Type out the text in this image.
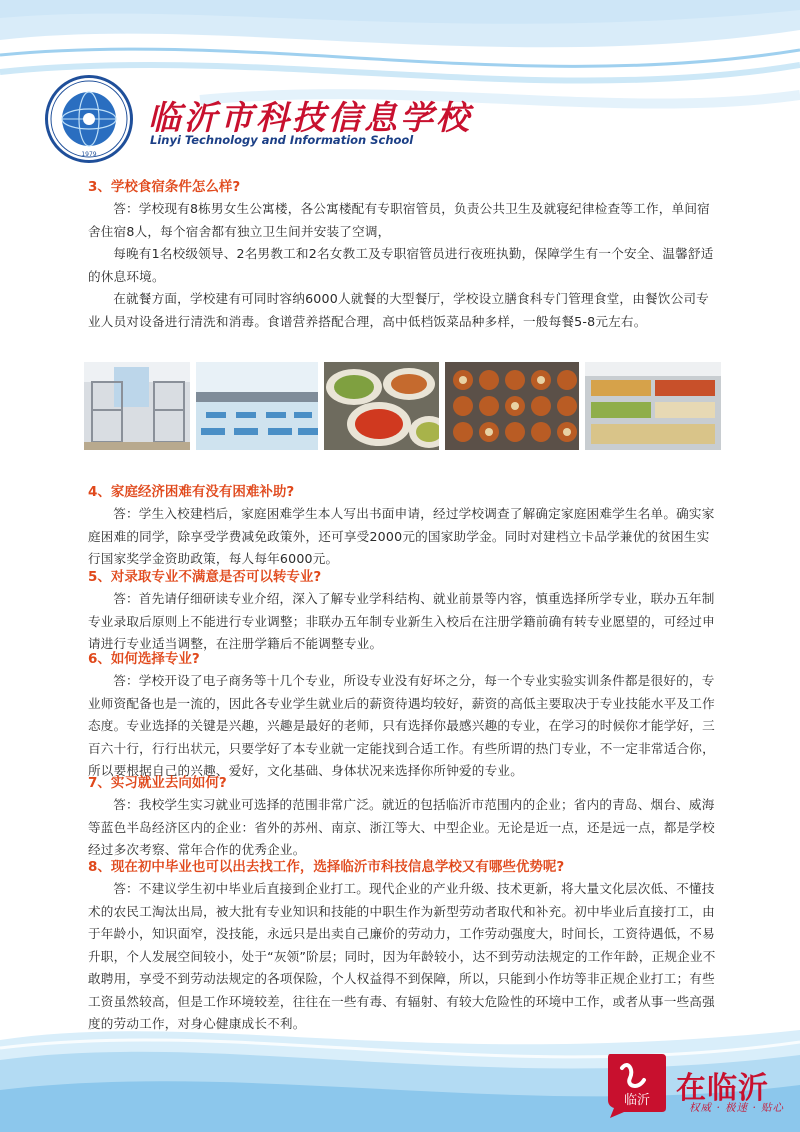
1979
临沂市科技信息学校
Linyi Technology and Information School
3、学校食宿条件怎么样?

答：学校现有8栋男女生公寓楼，各公寓楼配有专职宿管员，负责公共卫生及就寝纪律检查等工作，单间宿舍住宿8人，每个宿舍都有独立卫生间并安装了空调，

每晚有1名校级领导、2名男教工和2名女教工及专职宿管员进行夜班执勤，保障学生有一个安全、温馨舒适的休息环境。

在就餐方面，学校建有可同时容纳6000人就餐的大型餐厅，学校设立膳食科专门管理食堂，由餐饮公司专业人员对设备进行清洗和消毒。食谱营养搭配合理，高中低档饭菜品种多样，一般每餐5-8元左右。

4、家庭经济困难有没有困难补助?

答：学生入校建档后，家庭困难学生本人写出书面申请，经过学校调查了解确定家庭困难学生名单。确实家庭困难的同学，除享受学费减免政策外，还可享受2000元的国家助学金。同时对建档立卡品学兼优的贫困生实行国家奖学金资助政策，每人每年6000元。

5、对录取专业不满意是否可以转专业?

答：首先请仔细研读专业介绍，深入了解专业学科结构、就业前景等内容，慎重选择所学专业，联办五年制专业录取后原则上不能进行专业调整；非联办五年制专业新生入校后在注册学籍前确有转专业愿望的，可经过申请进行专业适当调整，在注册学籍后不能调整专业。

6、如何选择专业?

答：学校开设了电子商务等十几个专业，所设专业没有好坏之分，每一个专业实验实训条件都是很好的，专业师资配备也是一流的，因此各专业学生就业后的薪资待遇均较好，薪资的高低主要取决于专业技能水平及工作态度。专业选择的关键是兴趣，兴趣是最好的老师，只有选择你最感兴趣的专业，在学习的时候你才能学好，三百六十行，行行出状元，只要学好了本专业就一定能找到合适工作。有些所谓的热门专业，不一定非常适合你，所以要根据自己的兴趣、爱好，文化基础、身体状况来选择你所钟爱的专业。

7、实习就业去向如何?

答：我校学生实习就业可选择的范围非常广泛。就近的包括临沂市范围内的企业；省内的青岛、烟台、威海等蓝色半岛经济区内的企业：省外的苏州、南京、浙江等大、中型企业。无论是近一点，还是远一点，都是学校经过多次考察、常年合作的优秀企业。

8、现在初中毕业也可以出去找工作，选择临沂市科技信息学校又有哪些优势呢?

答：不建议学生初中毕业后直接到企业打工。现代企业的产业升级、技术更新，将大量文化层次低、不懂技术的农民工淘汰出局，被大批有专业知识和技能的中职生作为新型劳动者取代和补充。初中毕业后直接打工，由于年龄小，知识面窄，没技能，永远只是出卖自己廉价的劳动力，工作劳动强度大，时间长，工资待遇低，不易升职，个人发展空间较小，处于“灰领”阶层；同时，因为年龄较小，达不到劳动法规定的工作年龄，正规企业不敢聘用，享受不到劳动法规定的各项保险，个人权益得不到保障，所以，只能到小作坊等非正规企业打工；有些工资虽然较高，但是工作环境较差，往往在一些有毒、有辐射、有较大危险性的环境中工作，或者从事一些高强度的劳动工作，对身心健康成长不利。

临沂 在临沂
权威 · 极速 · 贴心
